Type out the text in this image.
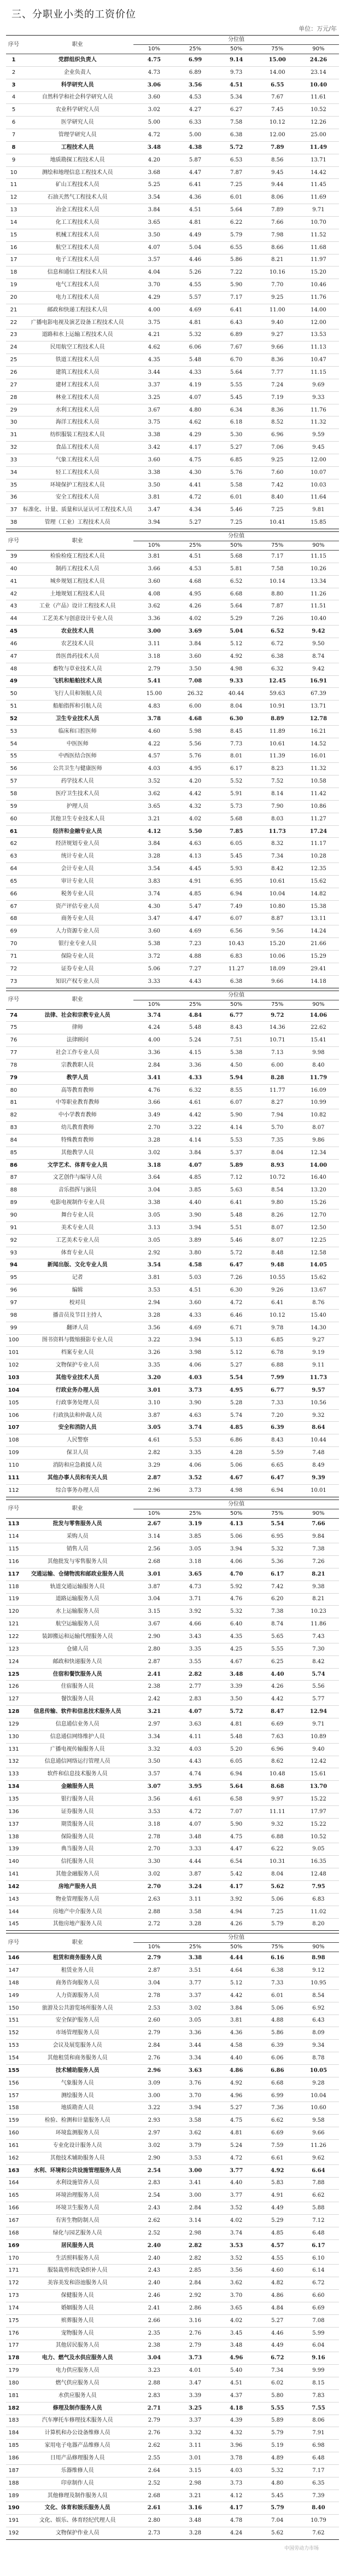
三、分职业小类的工资价位
单位：万元/年
序号	职业	分位值				
		10%	25%	50%	75%	90%
1	党群组织负责人	4.75	6.99	9.14	15.00	24.26
2	企业负责人	4.73	6.89	9.73	14.00	23.14
3	科学研究人员	3.06	3.56	4.51	6.55	10.40
4	自然科学和社会科学研究人员	3.60	4.53	5.34	7.67	11.61
5	农业科学研究人员	3.02	4.27	6.27	7.45	10.52
6	医学研究人员	5.00	6.33	7.58	10.12	12.26
7	管理学研究人员	4.72	5.00	6.38	12.00	25.00
8	工程技术人员	3.48	4.38	5.72	7.89	11.49
9	地质勘探工程技术人员	4.20	5.87	6.53	8.56	13.71
10	测绘和地理信息工程技术人员	3.68	4.47	7.87	9.45	14.42
11	矿山工程技术人员	5.25	6.41	7.25	9.44	11.45
12	石油天然气工程技术人员	3.54	4.36	6.01	8.06	11.69
13	冶金工程技术人员	3.84	4.51	5.64	7.89	9.71
14	化工工程技术人员	3.65	4.81	6.22	7.66	10.70
15	机械工程技术人员	3.50	4.49	5.79	7.98	11.52
16	航空工程技术人员	4.07	5.04	6.55	8.66	11.68
17	电子工程技术人员	3.57	4.46	5.86	8.21	11.97
18	信息和通信工程技术人员	4.04	5.26	7.22	10.16	15.20
19	电气工程技术人员	3.70	4.55	5.90	7.70	10.46
20	电力工程技术人员	4.29	5.57	7.17	9.25	11.76
21	邮政和快递工程技术人员	4.00	4.69	6.41	11.00	14.00
22	广播电影电视及演艺设备工程技术人员	3.75	4.81	6.43	9.40	12.00
23	道路和水上运输工程技术人员	4.21	5.32	6.89	9.27	13.53
24	民用航空工程技术人员	4.62	6.06	7.67	9.66	11.13
25	铁道工程技术人员	4.35	5.48	6.70	8.36	10.47
26	建筑工程技术人员	3.44	4.33	5.64	7.77	11.15
27	建材工程技术人员	3.37	4.19	5.55	7.24	9.69
28	林业工程技术人员	3.25	4.07	5.45	7.19	9.33
29	水利工程技术人员	3.67	4.80	6.34	8.36	11.76
30	海洋工程技术人员	3.75	4.62	6.18	8.52	11.32
31	纺织服装工程技术人员	3.38	4.29	5.30	6.96	9.59
32	食品工程技术人员	3.42	4.17	5.27	7.06	9.45
33	气象工程技术人员	3.60	4.75	6.85	9.25	12.00
34	轻工工程技术人员	3.38	4.30	5.76	7.60	10.07
35	环境保护工程技术人员	3.50	4.41	5.58	7.42	10.03
36	安全工程技术人员	3.81	4.72	6.01	8.40	11.64
37	标准化、计量、质量和认证认可工程技术人员	3.47	4.34	5.46	7.25	9.81
38	管理（工业）工程技术人员	3.94	5.27	7.25	10.41	15.85
序号	职业	分位值				
		10%	25%	50%	75%	90%
39	检验检疫工程技术人员	3.81	4.51	5.68	7.17	11.15
40	制药工程技术人员	3.66	4.53	5.81	7.58	10.26
41	城乡规划工程技术人员	3.60	4.68	6.52	10.14	13.34
42	土地规划工程技术人员	4.08	4.95	6.68	8.80	11.26
43	工业（产品）设计工程技术人员	3.62	4.26	5.64	7.87	11.51
44	工艺美术与创意设计专业人员	3.36	4.02	5.29	7.26	10.40
45	农业技术人员	3.00	3.69	5.04	6.52	9.42
46	农艺技术人员	3.11	3.84	5.12	6.72	9.50
47	兽医兽药技术人员	3.18	3.60	4.92	6.38	8.74
48	畜牧与草业技术人员	2.79	3.50	4.98	6.32	9.42
49	飞机和船舶技术人员	5.41	7.08	9.33	12.45	16.91
50	飞行人员和领航人员	15.00	26.32	40.44	59.63	67.39
51	船舶指挥和引航人员	4.83	6.00	8.04	10.91	13.71
52	卫生专业技术人员	3.78	4.68	6.30	8.89	12.78
53	临床和口腔医师	4.60	5.98	8.45	11.89	16.21
54	中医医师	4.22	5.56	7.73	10.61	14.52
55	中西医结合医师	4.57	5.76	8.01	11.39	16.01
56	公共卫生与健康医师	4.03	4.95	6.17	8.23	11.32
57	药学技术人员	3.52	4.20	5.52	7.52	10.58
58	医疗卫生技术人员	3.62	4.42	5.91	8.14	11.42
59	护理人员	3.65	4.32	5.73	7.90	10.86
60	其他卫生专业技术人员	3.21	4.02	5.68	8.03	11.27
61	经济和金融专业人员	4.12	5.50	7.85	11.73	17.24
62	经济规划专业人员	3.84	4.63	6.05	8.32	11.17
63	统计专业人员	3.28	4.13	5.45	7.34	10.28
64	会计专业人员	3.54	4.45	5.93	8.42	12.35
65	审计专业人员	3.83	4.91	6.95	10.61	15.62
66	税务专业人员	3.74	4.85	6.94	10.04	14.82
67	资产评估专业人员	4.30	5.47	7.49	10.80	15.38
68	商务专业人员	3.47	4.47	6.07	8.87	13.11
69	人力资源专业人员	3.60	4.69	6.56	9.56	14.24
70	银行业专业人员	5.38	7.23	10.43	15.20	21.66
71	保险专业人员	3.72	4.88	6.83	10.06	15.29
72	证券专业人员	5.06	7.27	11.27	18.09	29.41
73	知识产权专业人员	3.33	4.43	6.38	9.66	14.18
序号	职业	分位值				
		10%	25%	50%	75%	90%
74	法律、社会和宗教专业人员	3.74	4.84	6.77	9.72	14.06
75	律师	4.24	5.48	8.43	14.36	22.62
76	法律顾问	4.00	5.24	7.51	10.71	15.41
77	社会工作专业人员	3.36	4.15	5.38	7.13	9.98
78	宗教教职人员	2.84	3.36	4.50	6.00	8.40
79	教学人员	3.41	4.33	5.94	8.28	11.79
80	高等教育教师	4.76	6.32	8.55	11.77	16.09
81	中等职业教育教师	3.66	4.61	6.07	8.27	10.99
82	中小学教育教师	3.49	4.42	5.90	7.94	10.82
83	幼儿教育教师	2.70	3.22	4.14	5.70	8.07
84	特殊教育教师	3.28	4.14	5.53	7.35	9.86
85	其他教学人员	3.02	3.84	5.37	8.04	12.34
86	文学艺术、体育专业人员	3.18	4.07	5.89	8.93	14.00
87	文艺创作与编导人员	3.64	4.85	7.12	10.72	16.40
88	音乐指挥与演员	3.04	3.85	5.63	8.54	13.20
89	电影电视制作专业人员	3.38	4.40	6.41	9.80	15.26
90	舞台专业人员	3.05	3.90	5.48	8.26	12.70
91	美术专业人员	3.13	3.94	5.51	8.07	12.50
92	工艺美术专业人员	3.05	3.89	5.46	8.07	12.25
93	体育专业人员	2.92	3.80	5.72	8.48	12.58
94	新闻出版、文化专业人员	3.54	4.58	6.47	9.48	14.05
95	记者	3.81	5.03	7.26	10.55	15.62
96	编辑	3.53	4.51	6.30	9.26	13.67
97	校对员	2.94	3.60	4.72	6.41	8.76
98	播音员及节目主持人	3.28	4.33	6.46	10.12	15.40
99	翻译人员	3.56	4.69	6.71	9.78	14.30
100	图书资料与微缩摄影专业人员	3.22	3.94	5.13	6.85	9.27
101	档案专业人员	3.26	3.98	5.12	6.78	9.19
102	文物保护专业人员	3.35	4.06	5.27	6.88	9.11
103	其他专业技术人员	3.20	4.03	5.54	7.99	11.73
104	行政业务办理人员	3.01	3.73	4.95	6.77	9.57
105	行政事务处理人员	3.10	3.90	5.28	7.33	10.56
106	行政执法和仲裁人员	3.87	4.63	5.74	7.20	9.32
107	安全和消防人员	3.05	3.74	4.85	6.39	8.64
108	人民警察	4.61	5.53	6.86	8.43	10.44
109	保卫人员	2.82	3.35	4.28	5.59	7.48
110	消防和应急救援人员	3.29	4.06	5.06	6.65	8.49
111	其他办事人员和有关人员	2.87	3.52	4.67	6.47	9.39
112	综合事务办理人员	2.96	3.73	4.98	6.94	10.01
序号	职业	分位值				
		10%	25%	50%	75%	90%
113	批发与零售服务人员	2.67	3.19	4.13	5.54	7.66
114	采购人员	3.14	3.85	5.06	6.95	9.84
115	销售人员	2.56	3.05	3.94	5.32	7.38
116	其他批发与零售服务人员	2.68	3.18	4.06	5.36	7.26
117	交通运输、仓储物流和邮政业服务人员	3.01	3.65	4.70	6.17	8.21
118	轨道交通运输服务人员	3.87	4.73	5.92	7.42	9.38
119	道路运输服务人员	3.04	3.71	4.76	6.20	8.21
120	水上运输服务人员	3.15	3.92	5.32	7.38	10.23
121	航空运输服务人员	3.67	4.66	6.40	8.74	11.86
122	装卸搬运和运输代理服务人员	2.90	3.43	4.35	5.65	7.43
123	仓储人员	2.80	3.35	4.25	5.55	7.30
124	邮政和快递服务人员	2.87	3.55	4.67	6.25	8.42
125	住宿和餐饮服务人员	2.41	2.82	3.48	4.40	5.74
126	住宿服务人员	2.38	2.77	3.39	4.26	5.56
127	餐饮服务人员	2.42	2.83	3.50	4.42	5.77
128	信息传输、软件和信息技术服务人员	3.21	4.07	5.72	8.47	12.94
129	信息通信业务人员	2.97	3.63	4.81	6.69	9.71
130	信息通信网络维护人员	3.34	4.11	5.48	7.63	10.89
131	广播电视传输服务人员	3.32	4.03	5.20	6.96	9.40
132	信息通信网络运行管理人员	3.50	4.43	6.05	8.62	12.42
133	软件和信息技术服务人员	3.57	4.74	6.94	10.48	15.61
134	金融服务人员	3.07	3.95	5.64	8.68	13.70
135	银行服务人员	3.56	4.61	6.58	9.97	15.22
136	证券服务人员	3.53	4.72	7.07	11.11	17.97
137	期货服务人员	3.18	4.07	5.90	9.32	15.22
138	保险服务人员	2.78	3.48	4.75	6.88	10.52
139	典当服务人员	2.70	3.33	4.47	6.22	9.05
140	信托服务人员	3.30	4.44	6.54	10.31	16.35
141	其他金融服务人员	3.02	3.87	5.42	8.04	12.48
142	房地产服务人员	2.70	3.24	4.17	5.62	7.95
143	物业管理服务人员	2.63	3.11	3.92	5.06	6.83
144	房地产中介服务人员	2.88	3.58	4.94	7.25	11.02
145	其他房地产服务人员	2.72	3.28	4.26	5.79	8.20
序号	职业	分位值				
		10%	25%	50%	75%	90%
146	租赁和商务服务人员	2.79	3.38	4.44	6.16	8.98
147	租赁业务人员	2.87	3.51	4.64	6.38	9.12
148	商务咨询服务人员	3.04	3.77	5.12	7.33	10.95
149	人力资源服务人员	2.78	3.37	4.42	6.01	8.54
150	旅游及公共游览场所服务人员	2.53	3.02	3.84	5.06	6.92
151	安全保护服务人员	2.60	3.05	3.81	4.88	6.43
152	市场管理服务人员	2.79	3.36	4.36	5.86	8.09
153	会议及展览服务人员	2.84	3.44	4.58	6.39	9.34
154	其他租赁和商务服务人员	2.76	3.34	4.40	6.06	8.78
155	技术辅助服务人员	2.96	3.63	4.86	6.86	10.05
156	气象服务人员	3.09	3.76	4.92	6.68	9.28
157	测绘服务人员	3.00	3.70	4.96	6.99	10.04
158	地质勘查人员	3.22	3.94	5.27	7.36	10.60
159	检验、检测和计量服务人员	2.93	3.58	4.75	6.62	9.58
160	环境监测服务人员	2.97	3.62	4.81	6.69	9.66
161	专业化设计服务人员	3.02	3.79	5.24	7.59	11.26
162	其他技术辅助服务人员	2.90	3.53	4.72	6.61	9.62
163	水利、环境和公共设施管理服务人员	2.54	3.00	3.77	4.92	6.64
164	水利设施管养人员	2.83	3.41	4.40	5.83	7.88
165	环境治理服务人员	2.54	3.00	3.77	4.91	6.62
166	环境卫生服务人员	2.43	2.84	3.52	4.49	5.88
167	有害生物防制人员	2.62	3.14	4.02	5.29	7.12
168	绿化与园艺服务人员	2.52	2.98	3.74	4.85	6.48
169	居民服务人员	2.40	2.82	3.53	4.57	6.17
170	生活照料服务人员	2.40	2.82	3.52	4.55	6.10
171	服装裁剪和洗染织补人员	2.43	2.85	3.56	4.60	6.14
172	美容美发和浴池服务人员	2.40	2.84	3.62	4.82	6.72
173	保健服务人员	2.46	2.92	3.70	4.86	6.60
174	婚姻服务人员	2.41	2.86	3.65	4.84	6.69
175	殡葬服务人员	2.66	3.16	4.02	5.27	7.08
176	宠物服务人员	2.35	2.76	3.45	4.46	5.99
177	其他居民服务人员	2.38	2.79	3.48	4.49	6.04
178	电力、燃气及水供应服务人员	3.04	3.73	4.96	6.72	9.16
179	电力供应服务人员	3.23	4.01	5.40	7.34	9.99
180	燃气供应服务人员	2.88	3.47	4.51	6.02	8.15
181	水供应服务人员	2.83	3.39	4.37	5.80	7.83
182	修理及制作服务人员	2.71	3.25	4.18	5.55	7.55
183	汽车摩托车修理技术服务人员	2.79	3.37	4.39	5.89	8.06
184	计算机和办公设备维修人员	2.76	3.32	4.32	5.79	7.91
185	家用电子电器产品维修人员	2.62	3.11	3.96	5.19	6.98
186	日用产品修理服务人员	2.55	3.01	3.78	4.89	6.48
187	乐器维修人员	2.64	3.15	4.03	5.32	7.17
188	印章制作人员	2.52	2.98	3.73	4.80	6.35
189	其他修理及制作服务人员	2.68	3.21	4.12	5.45	7.39
190	文化、体育和娱乐服务人员	2.61	3.16	4.17	5.79	8.40
191	文化、娱乐、体育经纪代理人员	2.80	3.48	4.78	7.04	10.79
192	文物保护作业人员	2.73	3.28	4.24	5.62	7.62
中国劳动力市场
